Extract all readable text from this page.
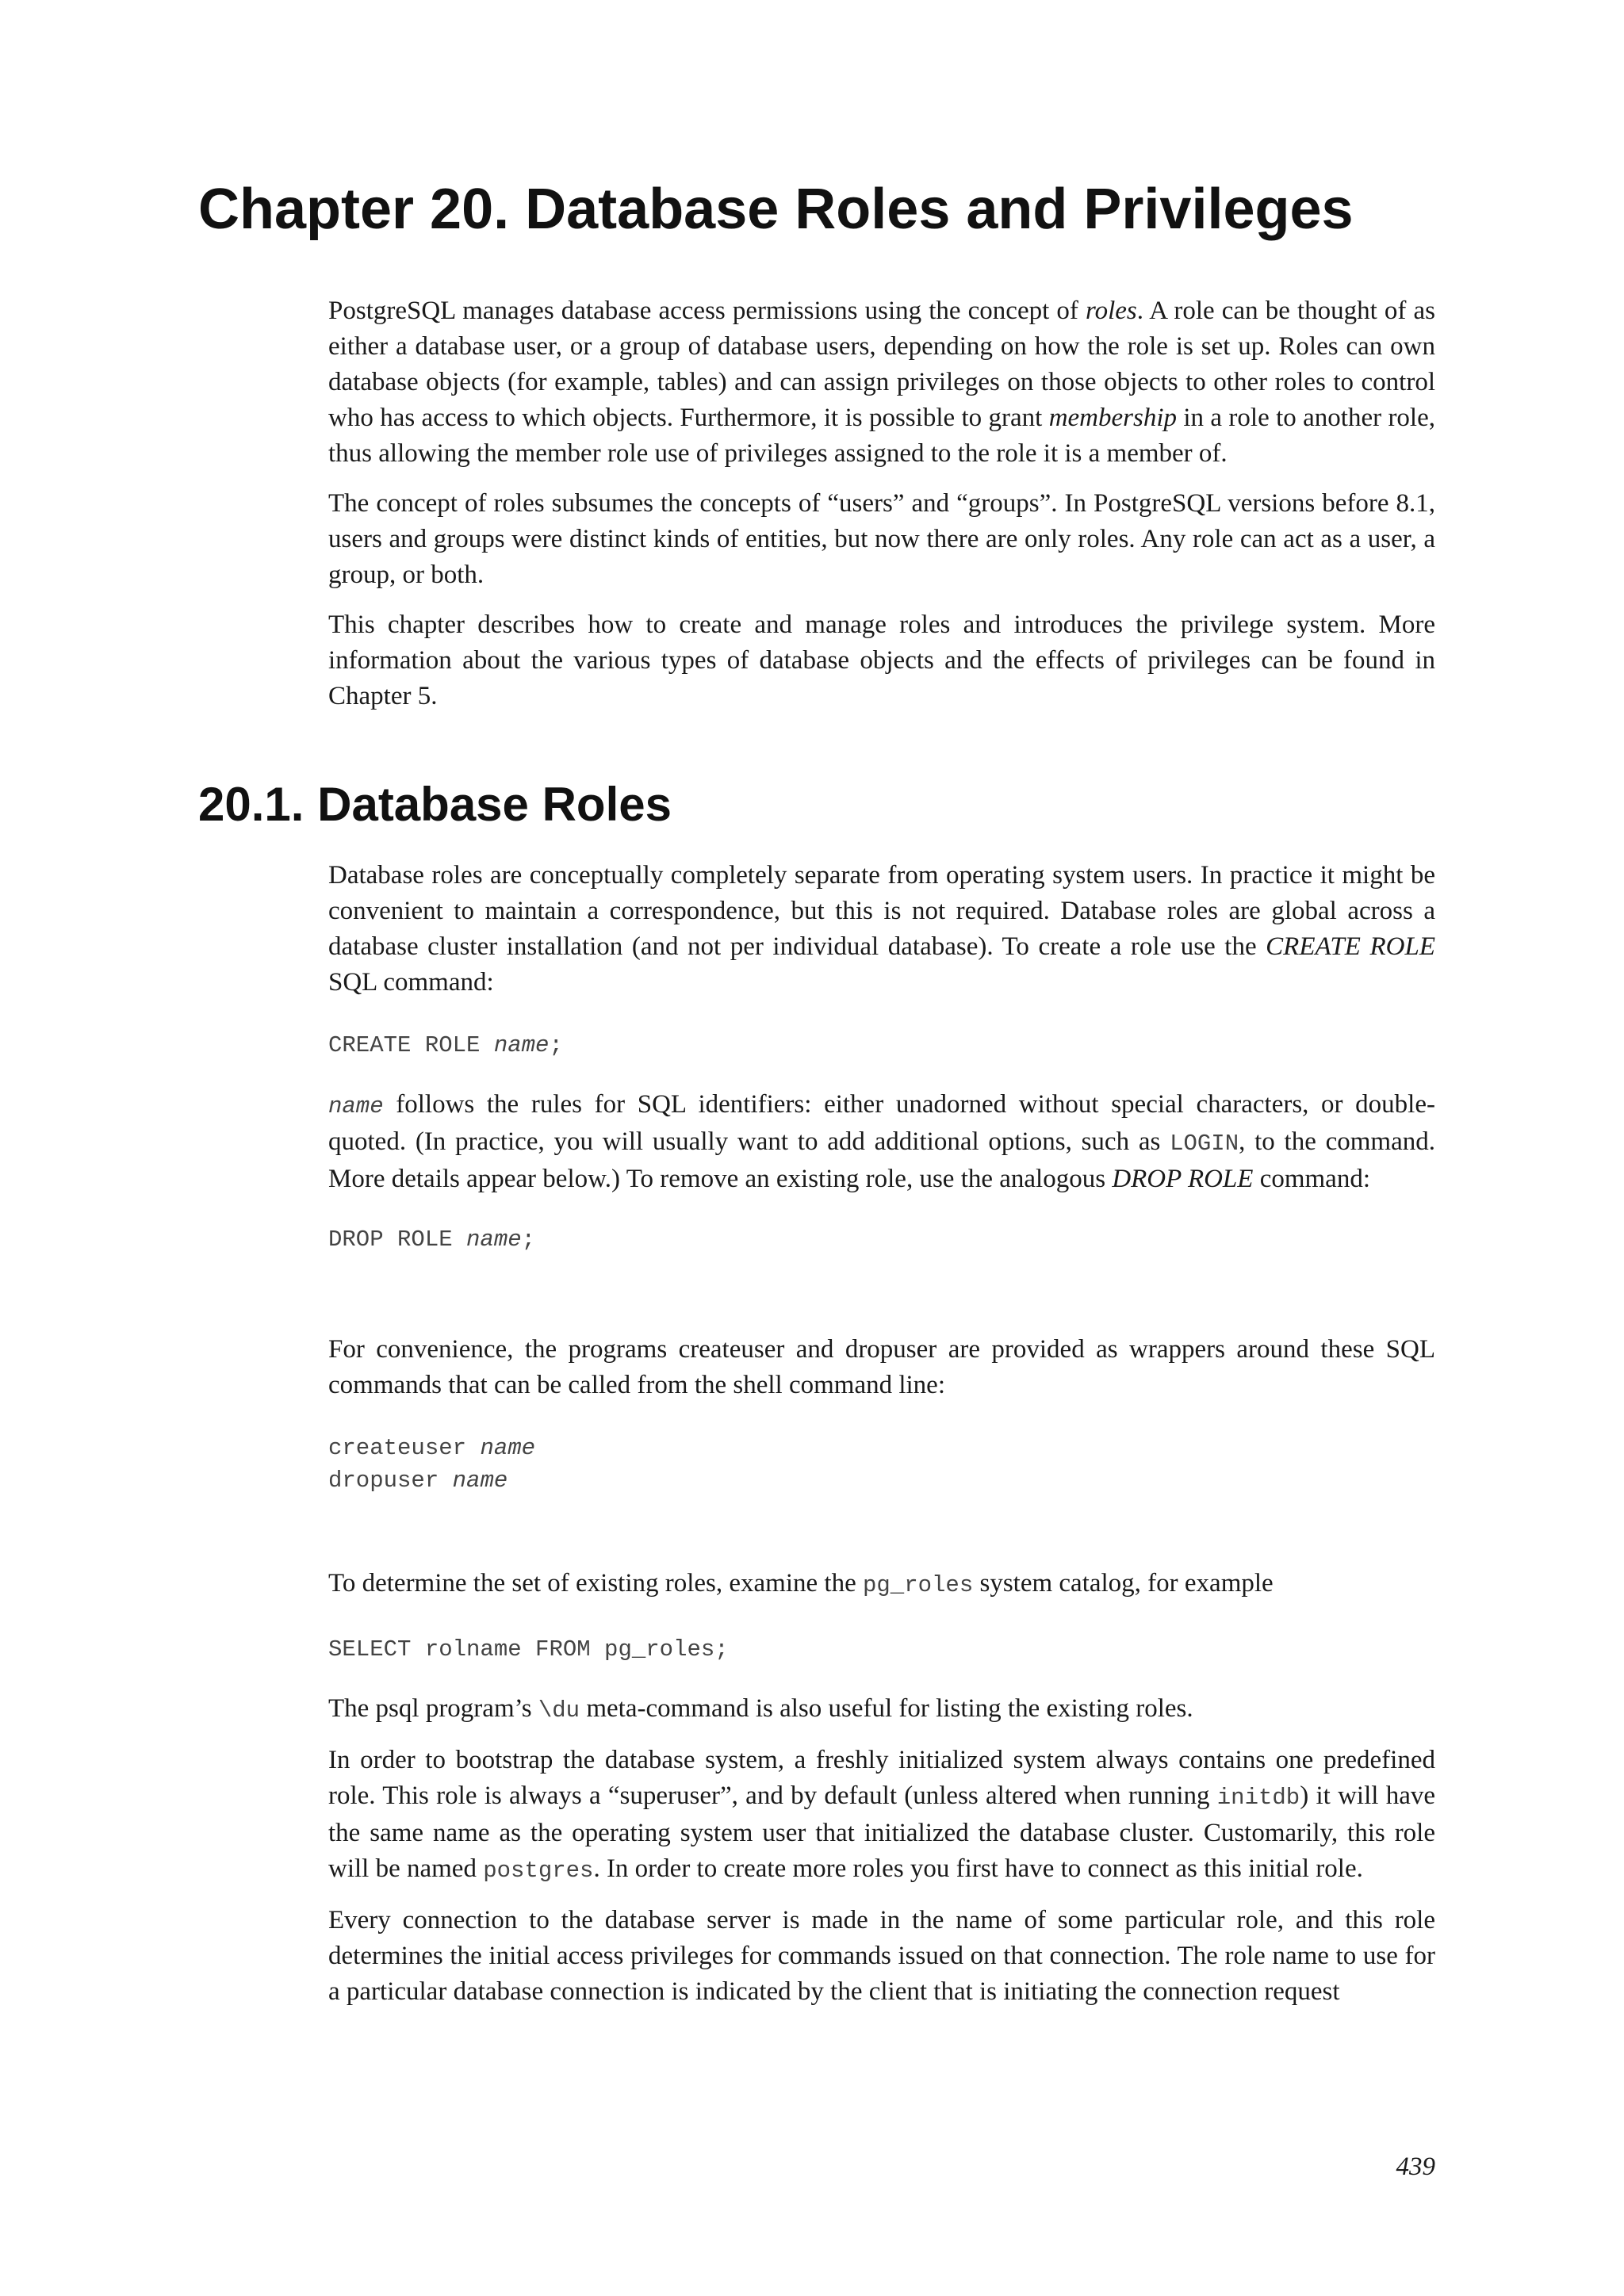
Chapter 20. Database Roles and Privileges

PostgreSQL manages database access permissions using the concept of roles. A role can be thought of as either a database user, or a group of database users, depending on how the role is set up. Roles can own database objects (for example, tables) and can assign privileges on those objects to other roles to control who has access to which objects. Furthermore, it is possible to grant membership in a role to another role, thus allowing the member role use of privileges assigned to the role it is a member of.

The concept of roles subsumes the concepts of “users” and “groups”. In PostgreSQL versions before 8.1, users and groups were distinct kinds of entities, but now there are only roles. Any role can act as a user, a group, or both.

This chapter describes how to create and manage roles and introduces the privilege system. More information about the various types of database objects and the effects of privileges can be found in Chapter 5.

20.1. Database Roles

Database roles are conceptually completely separate from operating system users. In practice it might be convenient to maintain a correspondence, but this is not required. Database roles are global across a database cluster installation (and not per individual database). To create a role use the CREATE ROLE SQL command:

CREATE ROLE name;

name follows the rules for SQL identifiers: either unadorned without special characters, or double-quoted. (In practice, you will usually want to add additional options, such as LOGIN, to the command. More details appear below.) To remove an existing role, use the analogous DROP ROLE command:

DROP ROLE name;

For convenience, the programs createuser and dropuser are provided as wrappers around these SQL commands that can be called from the shell command line:

createuser name
dropuser name

To determine the set of existing roles, examine the pg_roles system catalog, for example

SELECT rolname FROM pg_roles;

The psql program’s \du meta-command is also useful for listing the existing roles.

In order to bootstrap the database system, a freshly initialized system always contains one predefined role. This role is always a “superuser”, and by default (unless altered when running initdb) it will have the same name as the operating system user that initialized the database cluster. Customarily, this role will be named postgres. In order to create more roles you first have to connect as this initial role.

Every connection to the database server is made in the name of some particular role, and this role determines the initial access privileges for commands issued on that connection. The role name to use for a particular database connection is indicated by the client that is initiating the connection request

439
